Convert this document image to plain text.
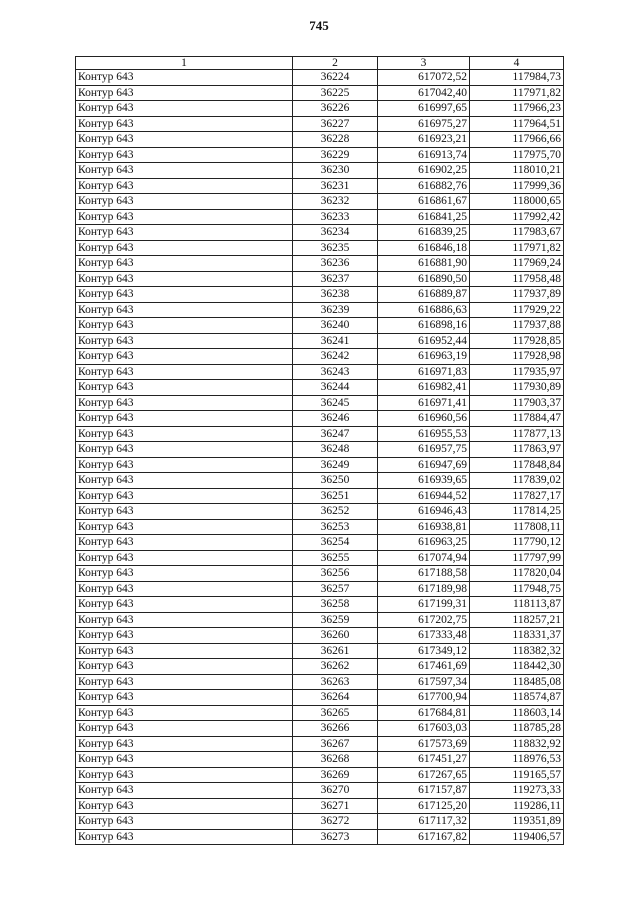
745
1	2	3	4
Контур 643	36224	617072,52	117984,73
Контур 643	36225	617042,40	117971,82
Контур 643	36226	616997,65	117966,23
Контур 643	36227	616975,27	117964,51
Контур 643	36228	616923,21	117966,66
Контур 643	36229	616913,74	117975,70
Контур 643	36230	616902,25	118010,21
Контур 643	36231	616882,76	117999,36
Контур 643	36232	616861,67	118000,65
Контур 643	36233	616841,25	117992,42
Контур 643	36234	616839,25	117983,67
Контур 643	36235	616846,18	117971,82
Контур 643	36236	616881,90	117969,24
Контур 643	36237	616890,50	117958,48
Контур 643	36238	616889,87	117937,89
Контур 643	36239	616886,63	117929,22
Контур 643	36240	616898,16	117937,88
Контур 643	36241	616952,44	117928,85
Контур 643	36242	616963,19	117928,98
Контур 643	36243	616971,83	117935,97
Контур 643	36244	616982,41	117930,89
Контур 643	36245	616971,41	117903,37
Контур 643	36246	616960,56	117884,47
Контур 643	36247	616955,53	117877,13
Контур 643	36248	616957,75	117863,97
Контур 643	36249	616947,69	117848,84
Контур 643	36250	616939,65	117839,02
Контур 643	36251	616944,52	117827,17
Контур 643	36252	616946,43	117814,25
Контур 643	36253	616938,81	117808,11
Контур 643	36254	616963,25	117790,12
Контур 643	36255	617074,94	117797,99
Контур 643	36256	617188,58	117820,04
Контур 643	36257	617189,98	117948,75
Контур 643	36258	617199,31	118113,87
Контур 643	36259	617202,75	118257,21
Контур 643	36260	617333,48	118331,37
Контур 643	36261	617349,12	118382,32
Контур 643	36262	617461,69	118442,30
Контур 643	36263	617597,34	118485,08
Контур 643	36264	617700,94	118574,87
Контур 643	36265	617684,81	118603,14
Контур 643	36266	617603,03	118785,28
Контур 643	36267	617573,69	118832,92
Контур 643	36268	617451,27	118976,53
Контур 643	36269	617267,65	119165,57
Контур 643	36270	617157,87	119273,33
Контур 643	36271	617125,20	119286,11
Контур 643	36272	617117,32	119351,89
Контур 643	36273	617167,82	119406,57
